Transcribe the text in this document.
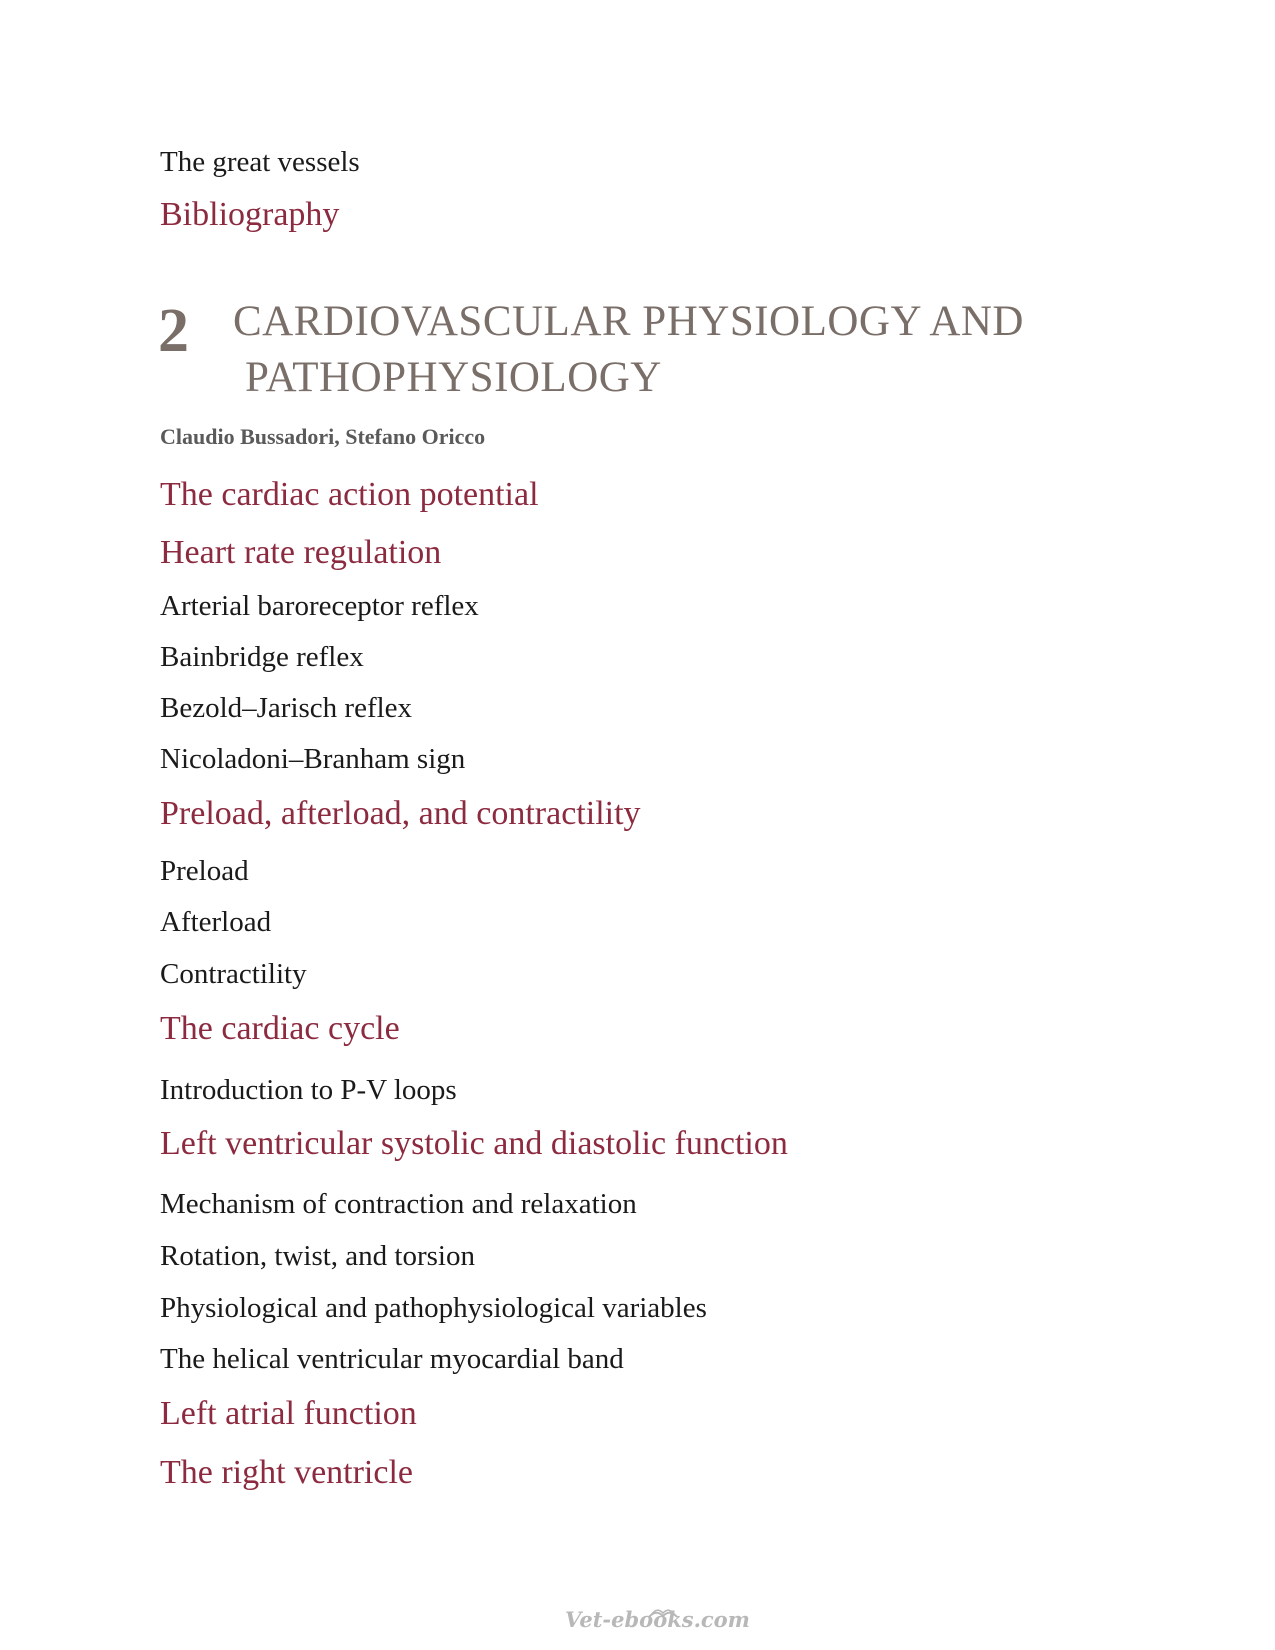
The great vessels
Bibliography
2 CARDIOVASCULAR PHYSIOLOGY AND
PATHOPHYSIOLOGY
Claudio Bussadori, Stefano Oricco
The cardiac action potential
Heart rate regulation
Arterial baroreceptor reflex
Bainbridge reflex
Bezold–Jarisch reflex
Nicoladoni–Branham sign
Preload, afterload, and contractility
Preload
Afterload
Contractility
The cardiac cycle
Introduction to P-V loops
Left ventricular systolic and diastolic function
Mechanism of contraction and relaxation
Rotation, twist, and torsion
Physiological and pathophysiological variables
The helical ventricular myocardial band
Left atrial function
The right ventricle
Vet-ebooks.com
